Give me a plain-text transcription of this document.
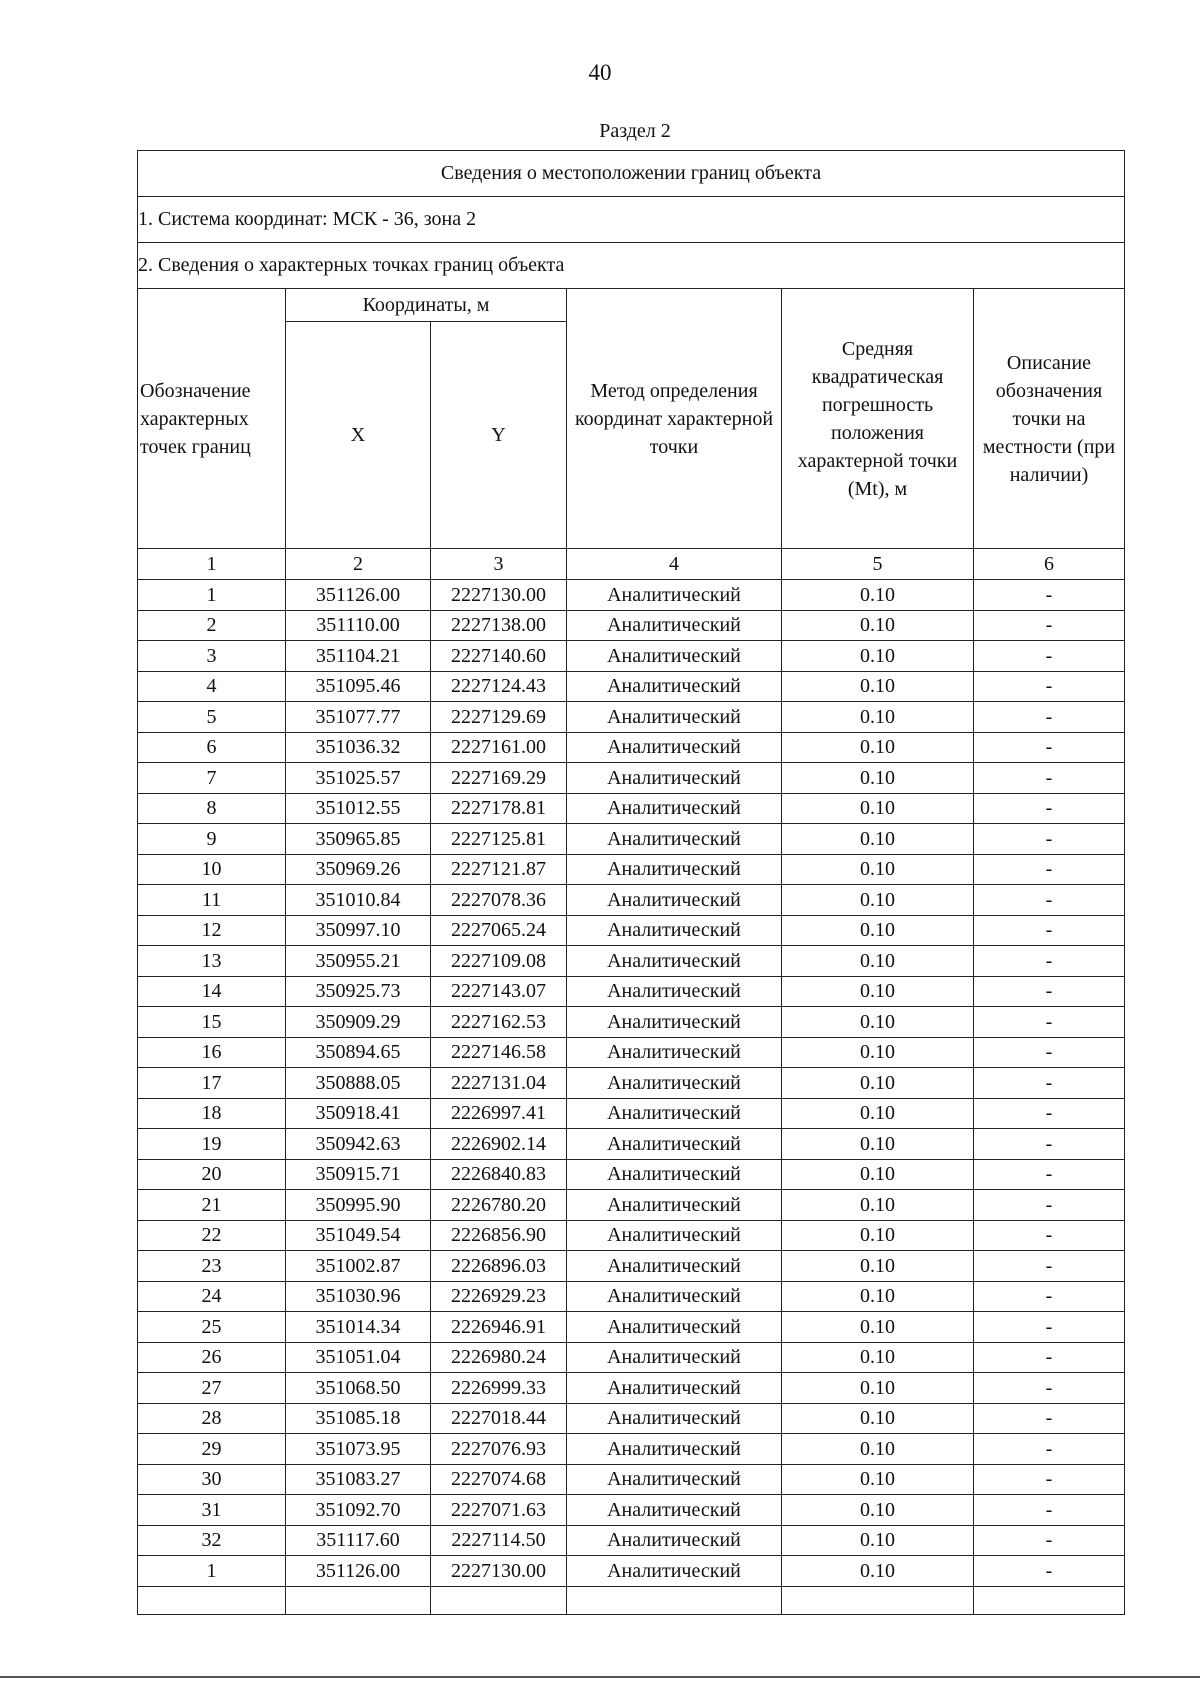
40
Раздел 2
Сведения о местоположении границ объекта					
1. Система координат: МСК - 36, зона 2					
2. Сведения о характерных точках границ объекта					
Обозначение характерных точек границ	Координаты, м		Метод определения координат характерной точки	Средняя квадратическая погрешность положения характерной точки (Mt), м	Описание обозначения точки на местности (при наличии)
	X	Y			
1	2	3	4	5	6
1	351126.00	2227130.00	Аналитический	0.10	-
2	351110.00	2227138.00	Аналитический	0.10	-
3	351104.21	2227140.60	Аналитический	0.10	-
4	351095.46	2227124.43	Аналитический	0.10	-
5	351077.77	2227129.69	Аналитический	0.10	-
6	351036.32	2227161.00	Аналитический	0.10	-
7	351025.57	2227169.29	Аналитический	0.10	-
8	351012.55	2227178.81	Аналитический	0.10	-
9	350965.85	2227125.81	Аналитический	0.10	-
10	350969.26	2227121.87	Аналитический	0.10	-
11	351010.84	2227078.36	Аналитический	0.10	-
12	350997.10	2227065.24	Аналитический	0.10	-
13	350955.21	2227109.08	Аналитический	0.10	-
14	350925.73	2227143.07	Аналитический	0.10	-
15	350909.29	2227162.53	Аналитический	0.10	-
16	350894.65	2227146.58	Аналитический	0.10	-
17	350888.05	2227131.04	Аналитический	0.10	-
18	350918.41	2226997.41	Аналитический	0.10	-
19	350942.63	2226902.14	Аналитический	0.10	-
20	350915.71	2226840.83	Аналитический	0.10	-
21	350995.90	2226780.20	Аналитический	0.10	-
22	351049.54	2226856.90	Аналитический	0.10	-
23	351002.87	2226896.03	Аналитический	0.10	-
24	351030.96	2226929.23	Аналитический	0.10	-
25	351014.34	2226946.91	Аналитический	0.10	-
26	351051.04	2226980.24	Аналитический	0.10	-
27	351068.50	2226999.33	Аналитический	0.10	-
28	351085.18	2227018.44	Аналитический	0.10	-
29	351073.95	2227076.93	Аналитический	0.10	-
30	351083.27	2227074.68	Аналитический	0.10	-
31	351092.70	2227071.63	Аналитический	0.10	-
32	351117.60	2227114.50	Аналитический	0.10	-
1	351126.00	2227130.00	Аналитический	0.10	-
